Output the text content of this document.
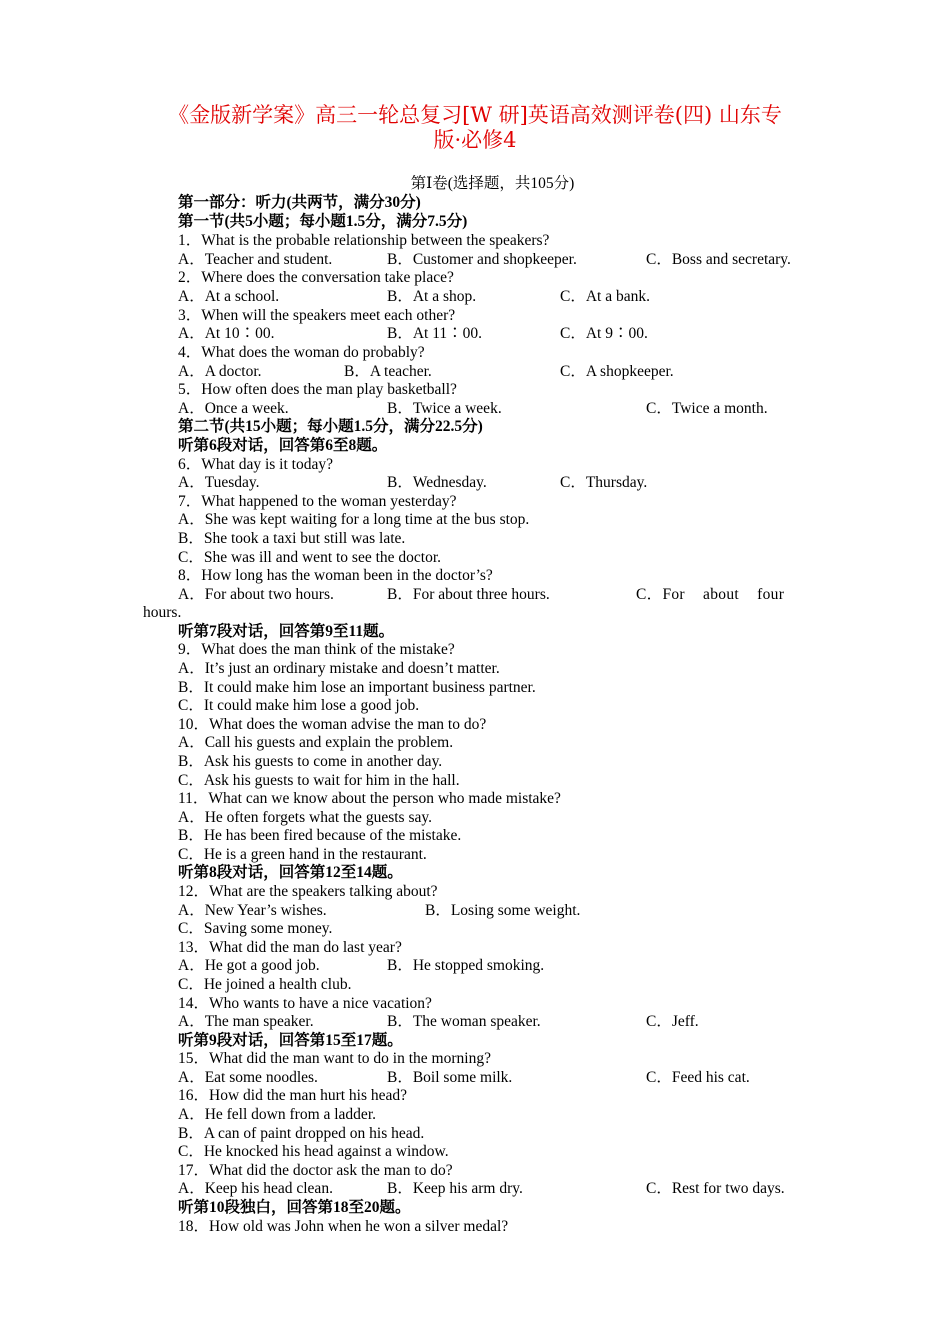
《金版新学案》高三一轮总复习[W 研]英语高效测评卷(四) 山东专
版·必修4
第Ⅰ卷(选择题，共105分)
第一部分：听力(共两节，满分30分)
第一节(共5小题；每小题1.5分，满分7.5分)
1．What is the probable relationship between the speakers?
A．Teacher and student.	B．Customer and shopkeeper.	C．Boss and secretary.
2．Where does the conversation take place?
A．At a school.	B．At a shop.	C．At a bank.
3．When will the speakers meet each other?
A．At 10∶00.	B．At 11∶00.	C．At 9∶00.
4．What does the woman do probably?
A．A doctor.	B．A teacher.	C．A shopkeeper.
5．How often does the man play basketball?
A．Once a week.	B．Twice a week.	C．Twice a month.
第二节(共15小题；每小题1.5分，满分22.5分)
听第6段对话，回答第6至8题。
6．What day is it today?
A．Tuesday.	B．Wednesday.	C．Thursday.
7．What happened to the woman yesterday?
A．She was kept waiting for a long time at the bus stop.
B．She took a taxi but still was late.
C．She was ill and went to see the doctor.
8．How long has the woman been in the doctor’s?
A．For about two hours.	B．For about three hours.	C．For about four
hours.
听第7段对话，回答第9至11题。
9．What does the man think of the mistake?
A．It’s just an ordinary mistake and doesn’t matter.
B．It could make him lose an important business partner.
C．It could make him lose a good job.
10．What does the woman advise the man to do?
A．Call his guests and explain the problem.
B．Ask his guests to come in another day.
C．Ask his guests to wait for him in the hall.
11．What can we know about the person who made mistake?
A．He often forgets what the guests say.
B．He has been fired because of the mistake.
C．He is a green hand in the restaurant.
听第8段对话，回答第12至14题。
12．What are the speakers talking about?
A．New Year’s wishes.	B．Losing some weight.
C．Saving some money.
13．What did the man do last year?
A．He got a good job.	B．He stopped smoking.
C．He joined a health club.
14．Who wants to have a nice vacation?
A．The man speaker.	B．The woman speaker.	C．Jeff.
听第9段对话，回答第15至17题。
15．What did the man want to do in the morning?
A．Eat some noodles.	B．Boil some milk.	C．Feed his cat.
16．How did the man hurt his head?
A．He fell down from a ladder.
B．A can of paint dropped on his head.
C．He knocked his head against a window.
17．What did the doctor ask the man to do?
A．Keep his head clean.	B．Keep his arm dry.	C．Rest for two days.
听第10段独白，回答第18至20题。
18．How old was John when he won a silver medal?
